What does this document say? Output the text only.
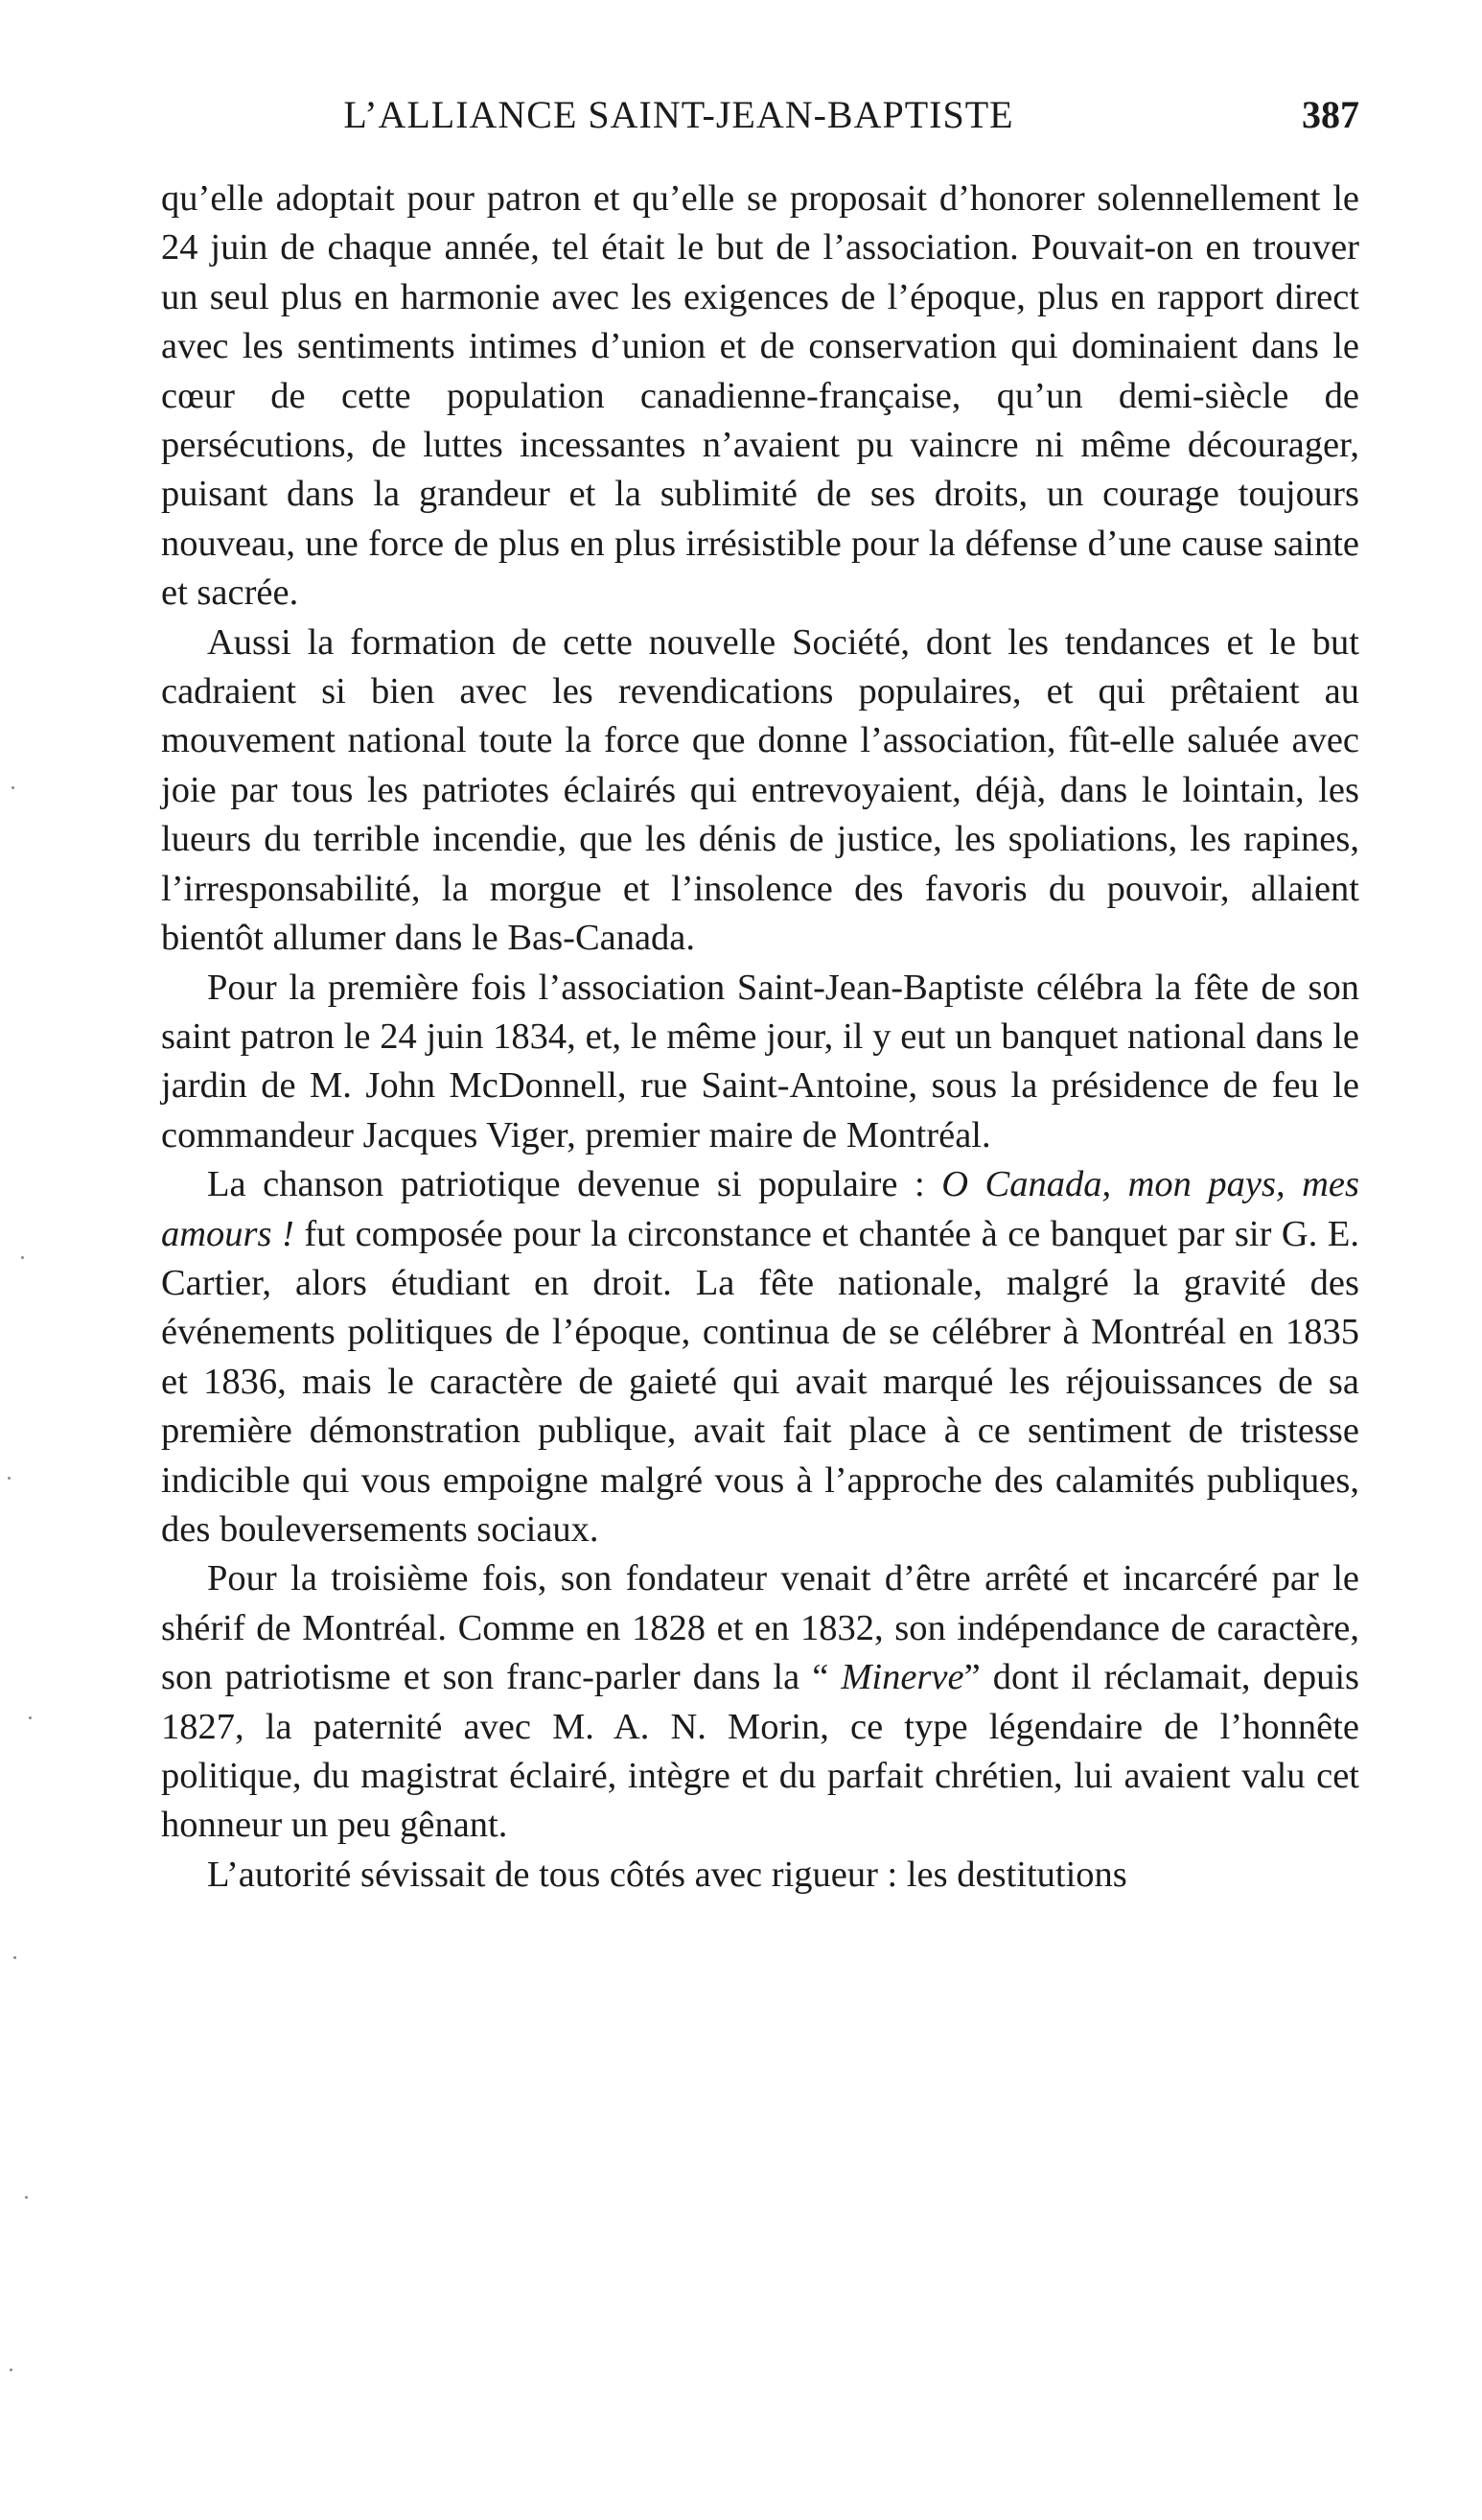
L’ALLIANCE SAINT-JEAN-BAPTISTE	387

qu’elle adoptait pour patron et qu’elle se proposait d’honorer solennellement le 24 juin de chaque année, tel était le but de l’association. Pouvait-on en trouver un seul plus en harmonie avec les exigences de l’époque, plus en rapport direct avec les sentiments intimes d’union et de conservation qui dominaient dans le cœur de cette population canadienne-française, qu’un demi-siècle de persécutions, de luttes incessantes n’avaient pu vaincre ni même décourager, puisant dans la grandeur et la sublimité de ses droits, un courage toujours nouveau, une force de plus en plus irrésistible pour la défense d’une cause sainte et sacrée.

Aussi la formation de cette nouvelle Société, dont les tendances et le but cadraient si bien avec les revendications populaires, et qui prêtaient au mouvement national toute la force que donne l’association, fût-elle saluée avec joie par tous les patriotes éclairés qui entrevoyaient, déjà, dans le lointain, les lueurs du terrible incendie, que les dénis de justice, les spoliations, les rapines, l’irresponsabilité, la morgue et l’insolence des favoris du pouvoir, allaient bientôt allumer dans le Bas-Canada.

Pour la première fois l’association Saint-Jean-Baptiste célébra la fête de son saint patron le 24 juin 1834, et, le même jour, il y eut un banquet national dans le jardin de M. John McDonnell, rue Saint-Antoine, sous la présidence de feu le commandeur Jacques Viger, premier maire de Montréal.

La chanson patriotique devenue si populaire : O Canada, mon pays, mes amours ! fut composée pour la circonstance et chantée à ce banquet par sir G. E. Cartier, alors étudiant en droit. La fête nationale, malgré la gravité des événements politiques de l’époque, continua de se célébrer à Montréal en 1835 et 1836, mais le caractère de gaieté qui avait marqué les réjouissances de sa première démonstration publique, avait fait place à ce sentiment de tristesse indicible qui vous empoigne malgré vous à l’approche des calamités publiques, des bouleversements sociaux.

Pour la troisième fois, son fondateur venait d’être arrêté et incarcéré par le shérif de Montréal. Comme en 1828 et en 1832, son indépendance de caractère, son patriotisme et son franc-parler dans la “ Minerve” dont il réclamait, depuis 1827, la paternité avec M. A. N. Morin, ce type légendaire de l’honnête politique, du magistrat éclairé, intègre et du parfait chrétien, lui avaient valu cet honneur un peu gênant.

L’autorité sévissait de tous côtés avec rigueur : les destitutions
